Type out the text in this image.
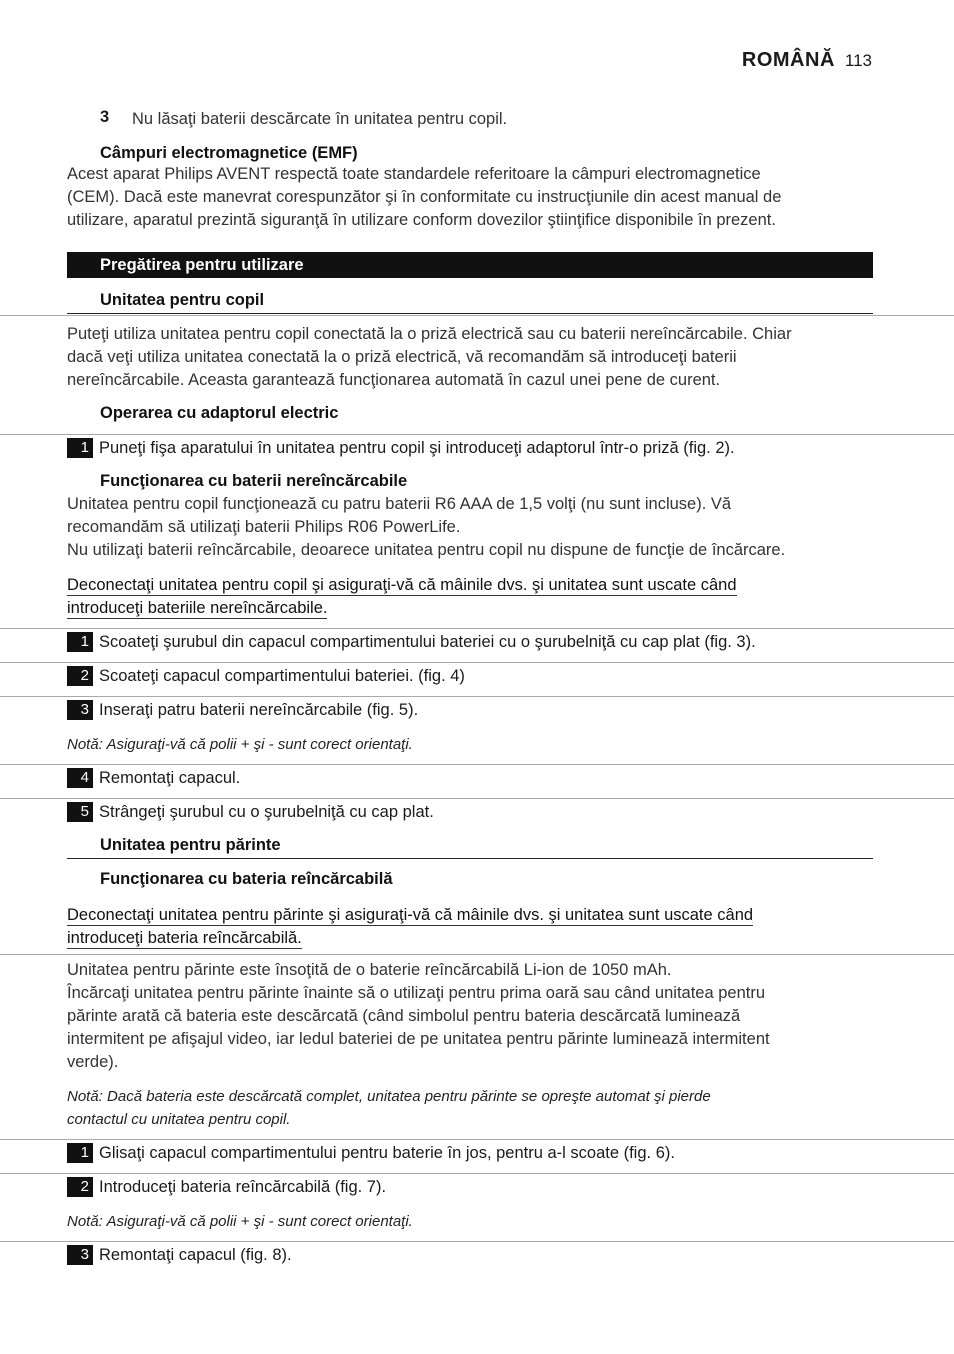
ROMÂNĂ 113
3 Nu lăsaţi baterii descărcate în unitatea pentru copil.

Câmpuri electromagnetice (EMF)

Acest aparat Philips AVENT respectă toate standardele referitoare la câmpuri electromagnetice

(CEM). Dacă este manevrat corespunzător şi în conformitate cu instrucţiunile din acest manual de

utilizare, aparatul prezintă siguranţă în utilizare conform dovezilor ştiinţifice disponibile în prezent.

Pregătirea pentru utilizare

Unitatea pentru copil

Puteţi utiliza unitatea pentru copil conectată la o priză electrică sau cu baterii nereîncărcabile. Chiar

dacă veţi utiliza unitatea conectată la o priză electrică, vă recomandăm să introduceţi baterii

nereîncărcabile. Aceasta garantează funcţionarea automată în cazul unei pene de curent.

Operarea cu adaptorul electric

1 Puneţi fişa aparatului în unitatea pentru copil şi introduceţi adaptorul într-o priză (fig. 2).

Funcţionarea cu baterii nereîncărcabile

Unitatea pentru copil funcţionează cu patru baterii R6 AAA de 1,5 volţi (nu sunt incluse). Vă

recomandăm să utilizaţi baterii Philips R06 PowerLife.

Nu utilizaţi baterii reîncărcabile, deoarece unitatea pentru copil nu dispune de funcţie de încărcare.

Deconectaţi unitatea pentru copil şi asiguraţi-vă că mâinile dvs. şi unitatea sunt uscate când

introduceţi bateriile nereîncărcabile.

1 Scoateţi şurubul din capacul compartimentului bateriei cu o şurubelniţă cu cap plat (fig. 3).
2 Scoateţi capacul compartimentului bateriei. (fig. 4)
3 Inseraţi patru baterii nereîncărcabile (fig. 5).

Notă: Asiguraţi-vă că polii + şi - sunt corect orientaţi.

4 Remontaţi capacul.
5 Strângeţi şurubul cu o şurubelniţă cu cap plat.

Unitatea pentru părinte

Funcţionarea cu bateria reîncărcabilă

Deconectaţi unitatea pentru părinte şi asiguraţi-vă că mâinile dvs. şi unitatea sunt uscate când

introduceţi bateria reîncărcabilă.

Unitatea pentru părinte este însoţită de o baterie reîncărcabilă Li-ion de 1050 mAh.

Încărcaţi unitatea pentru părinte înainte să o utilizaţi pentru prima oară sau când unitatea pentru

părinte arată că bateria este descărcată (când simbolul pentru bateria descărcată luminează

intermitent pe afişajul video, iar ledul bateriei de pe unitatea pentru părinte luminează intermitent

verde).

Notă: Dacă bateria este descărcată complet, unitatea pentru părinte se opreşte automat şi pierde

contactul cu unitatea pentru copil.

1 Glisaţi capacul compartimentului pentru baterie în jos, pentru a-l scoate (fig. 6).
2 Introduceţi bateria reîncărcabilă (fig. 7).

Notă: Asiguraţi-vă că polii + şi - sunt corect orientaţi.

3 Remontaţi capacul (fig. 8).
